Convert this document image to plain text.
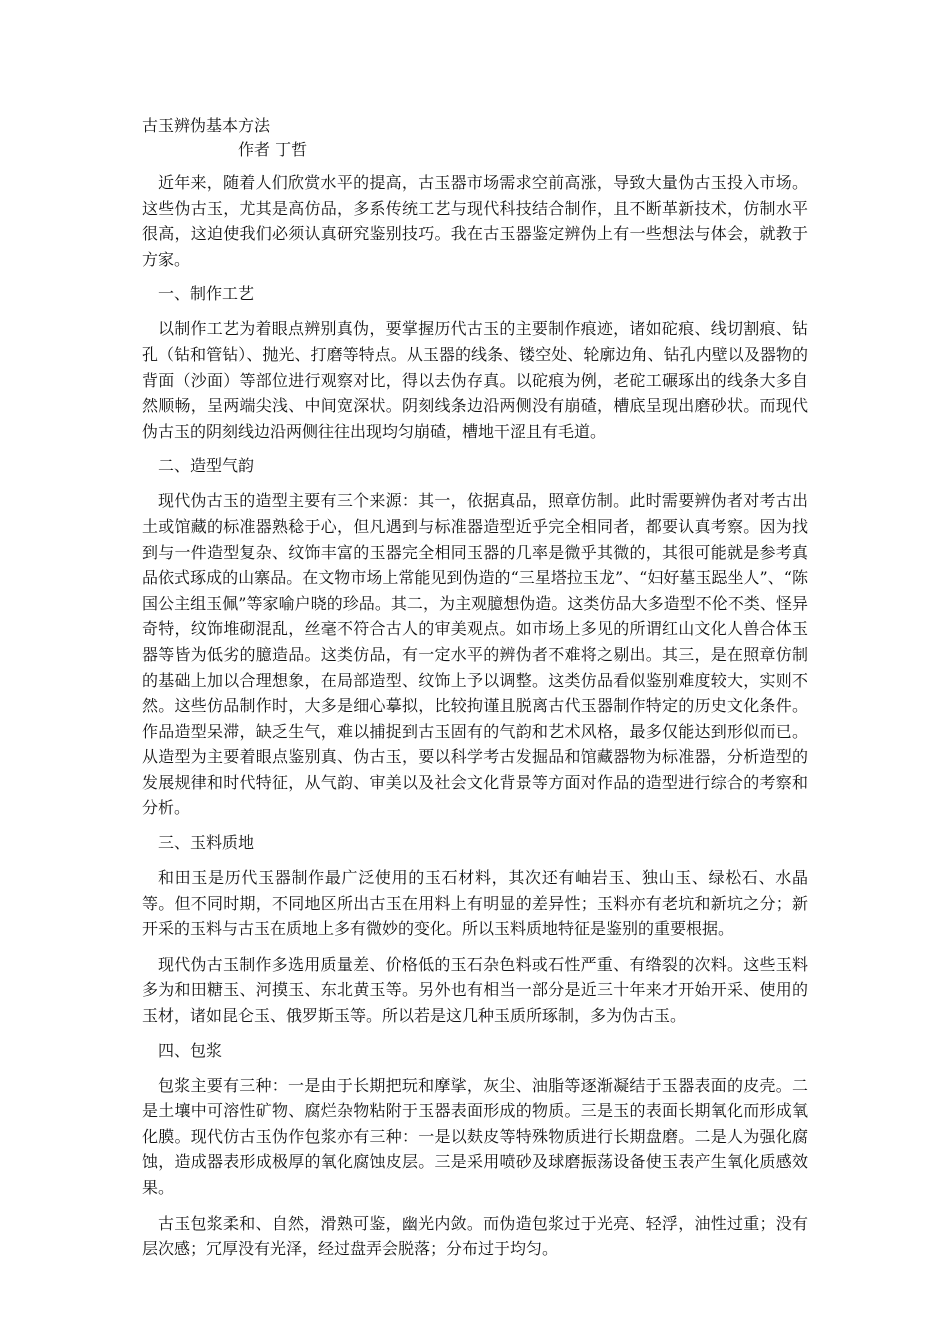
古玉辨伪基本方法
作者 丁哲

近年来，随着人们欣赏水平的提高，古玉器市场需求空前高涨，导致大量伪古玉投入市场。这些伪古玉，尤其是高仿品，多系传统工艺与现代科技结合制作，且不断革新技术，仿制水平很高，这迫使我们必须认真研究鉴别技巧。我在古玉器鉴定辨伪上有一些想法与体会，就教于方家。

一、制作工艺

以制作工艺为着眼点辨别真伪，要掌握历代古玉的主要制作痕迹，诸如砣痕、线切割痕、钻孔（钻和管钻）、抛光、打磨等特点。从玉器的线条、镂空处、轮廓边角、钻孔内壁以及器物的背面（沙面）等部位进行观察对比，得以去伪存真。以砣痕为例，老砣工碾琢出的线条大多自然顺畅，呈两端尖浅、中间宽深状。阴刻线条边沿两侧没有崩碴，槽底呈现出磨砂状。而现代伪古玉的阴刻线边沿两侧往往出现均匀崩碴，槽地干涩且有毛道。

二、造型气韵

现代伪古玉的造型主要有三个来源：其一，依据真品，照章仿制。此时需要辨伪者对考古出土或馆藏的标准器熟稔于心，但凡遇到与标准器造型近乎完全相同者，都要认真考察。因为找到与一件造型复杂、纹饰丰富的玉器完全相同玉器的几率是微乎其微的，其很可能就是参考真品依式琢成的山寨品。在文物市场上常能见到伪造的“三星塔拉玉龙”、“妇好墓玉跽坐人”、“陈国公主组玉佩”等家喻户晓的珍品。其二，为主观臆想伪造。这类仿品大多造型不伦不类、怪异奇特，纹饰堆砌混乱，丝毫不符合古人的审美观点。如市场上多见的所谓红山文化人兽合体玉器等皆为低劣的臆造品。这类仿品，有一定水平的辨伪者不难将之剔出。其三，是在照章仿制的基础上加以合理想象，在局部造型、纹饰上予以调整。这类仿品看似鉴别难度较大，实则不然。这些仿品制作时，大多是细心摹拟，比较拘谨且脱离古代玉器制作特定的历史文化条件。作品造型呆滞，缺乏生气，难以捕捉到古玉固有的气韵和艺术风格，最多仅能达到形似而已。从造型为主要着眼点鉴别真、伪古玉，要以科学考古发掘品和馆藏器物为标准器，分析造型的发展规律和时代特征，从气韵、审美以及社会文化背景等方面对作品的造型进行综合的考察和分析。

三、玉料质地

和田玉是历代玉器制作最广泛使用的玉石材料，其次还有岫岩玉、独山玉、绿松石、水晶等。但不同时期，不同地区所出古玉在用料上有明显的差异性；玉料亦有老坑和新坑之分；新开采的玉料与古玉在质地上多有微妙的变化。所以玉料质地特征是鉴别的重要根据。

现代伪古玉制作多选用质量差、价格低的玉石杂色料或石性严重、有绺裂的次料。这些玉料多为和田糖玉、河摸玉、东北黄玉等。另外也有相当一部分是近三十年来才开始开采、使用的玉材，诸如昆仑玉、俄罗斯玉等。所以若是这几种玉质所琢制，多为伪古玉。

四、包浆

包浆主要有三种：一是由于长期把玩和摩挲，灰尘、油脂等逐渐凝结于玉器表面的皮壳。二是土壤中可溶性矿物、腐烂杂物粘附于玉器表面形成的物质。三是玉的表面长期氧化而形成氧化膜。现代仿古玉伪作包浆亦有三种：一是以麸皮等特殊物质进行长期盘磨。二是人为强化腐蚀，造成器表形成极厚的氧化腐蚀皮层。三是采用喷砂及球磨振荡设备使玉表产生氧化质感效果。

古玉包浆柔和、自然，滑熟可鉴，幽光内敛。而伪造包浆过于光亮、轻浮，油性过重；没有层次感；冗厚没有光泽，经过盘弄会脱落；分布过于均匀。
